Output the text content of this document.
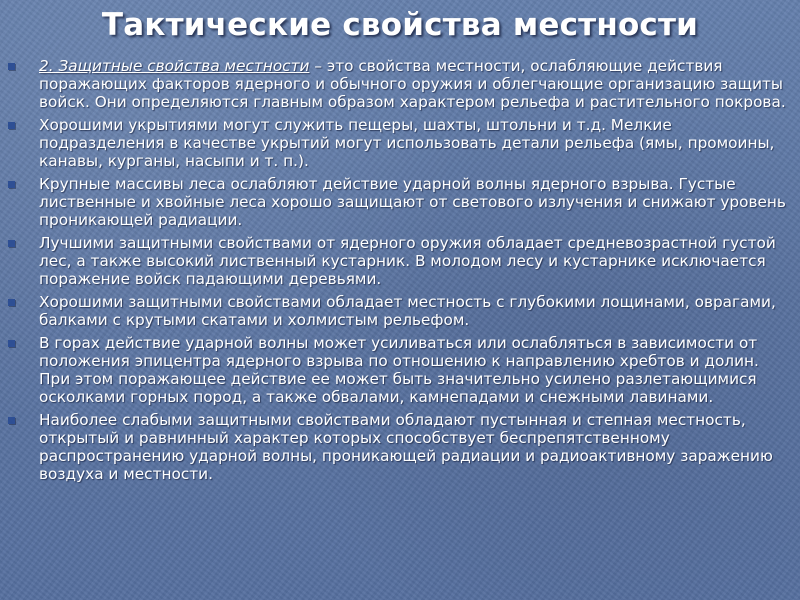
Тактические свойства местности
2. Защитные свойства местности – это свойства местности, ослабляющие действия поражающих факторов ядерного и обычного оружия и облегчающие организацию защиты войск. Они определяются главным образом характером рельефа и растительного покрова.
Хорошими укрытиями могут служить пещеры, шахты, штольни и т.д. Мелкие подразделения в качестве укрытий могут использовать детали рельефа (ямы, промоины, канавы, курганы, насыпи и т. п.).
Крупные массивы леса ослабляют действие ударной волны ядерного взрыва. Густые лиственные и хвойные леса хорошо защищают от светового излучения и снижают уровень проникающей радиации.
Лучшими защитными свойствами от ядерного оружия обладает средневозрастной густой лес, а также высокий лиственный кустарник. В молодом лесу и кустарнике исключается поражение войск падающими деревьями.
Хорошими защитными свойствами обладает местность с глубокими лощинами, оврагами, балками с крутыми скатами и холмистым рельефом.
В горах действие ударной волны может усиливаться или ослабляться в зависимости от положения эпицентра ядерного взрыва по отношению к направлению хребтов и долин. При этом поражающее действие ее может быть значительно усилено разлетающимися осколками горных пород, а также обвалами, камнепадами и снежными лавинами.
Наиболее слабыми защитными свойствами обладают пустынная и степная местность, открытый и равнинный характер которых способствует беспрепятственному распространению ударной волны, проникающей радиации и радиоактивному заражению воздуха и местности.
